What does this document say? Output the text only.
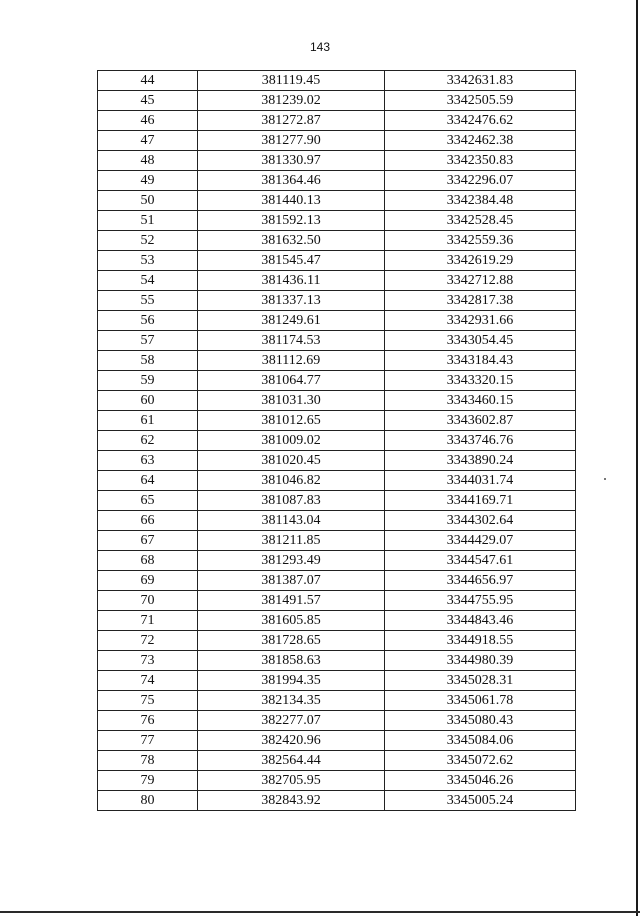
143
44	381119.45	3342631.83
45	381239.02	3342505.59
46	381272.87	3342476.62
47	381277.90	3342462.38
48	381330.97	3342350.83
49	381364.46	3342296.07
50	381440.13	3342384.48
51	381592.13	3342528.45
52	381632.50	3342559.36
53	381545.47	3342619.29
54	381436.11	3342712.88
55	381337.13	3342817.38
56	381249.61	3342931.66
57	381174.53	3343054.45
58	381112.69	3343184.43
59	381064.77	3343320.15
60	381031.30	3343460.15
61	381012.65	3343602.87
62	381009.02	3343746.76
63	381020.45	3343890.24
64	381046.82	3344031.74
65	381087.83	3344169.71
66	381143.04	3344302.64
67	381211.85	3344429.07
68	381293.49	3344547.61
69	381387.07	3344656.97
70	381491.57	3344755.95
71	381605.85	3344843.46
72	381728.65	3344918.55
73	381858.63	3344980.39
74	381994.35	3345028.31
75	382134.35	3345061.78
76	382277.07	3345080.43
77	382420.96	3345084.06
78	382564.44	3345072.62
79	382705.95	3345046.26
80	382843.92	3345005.24
